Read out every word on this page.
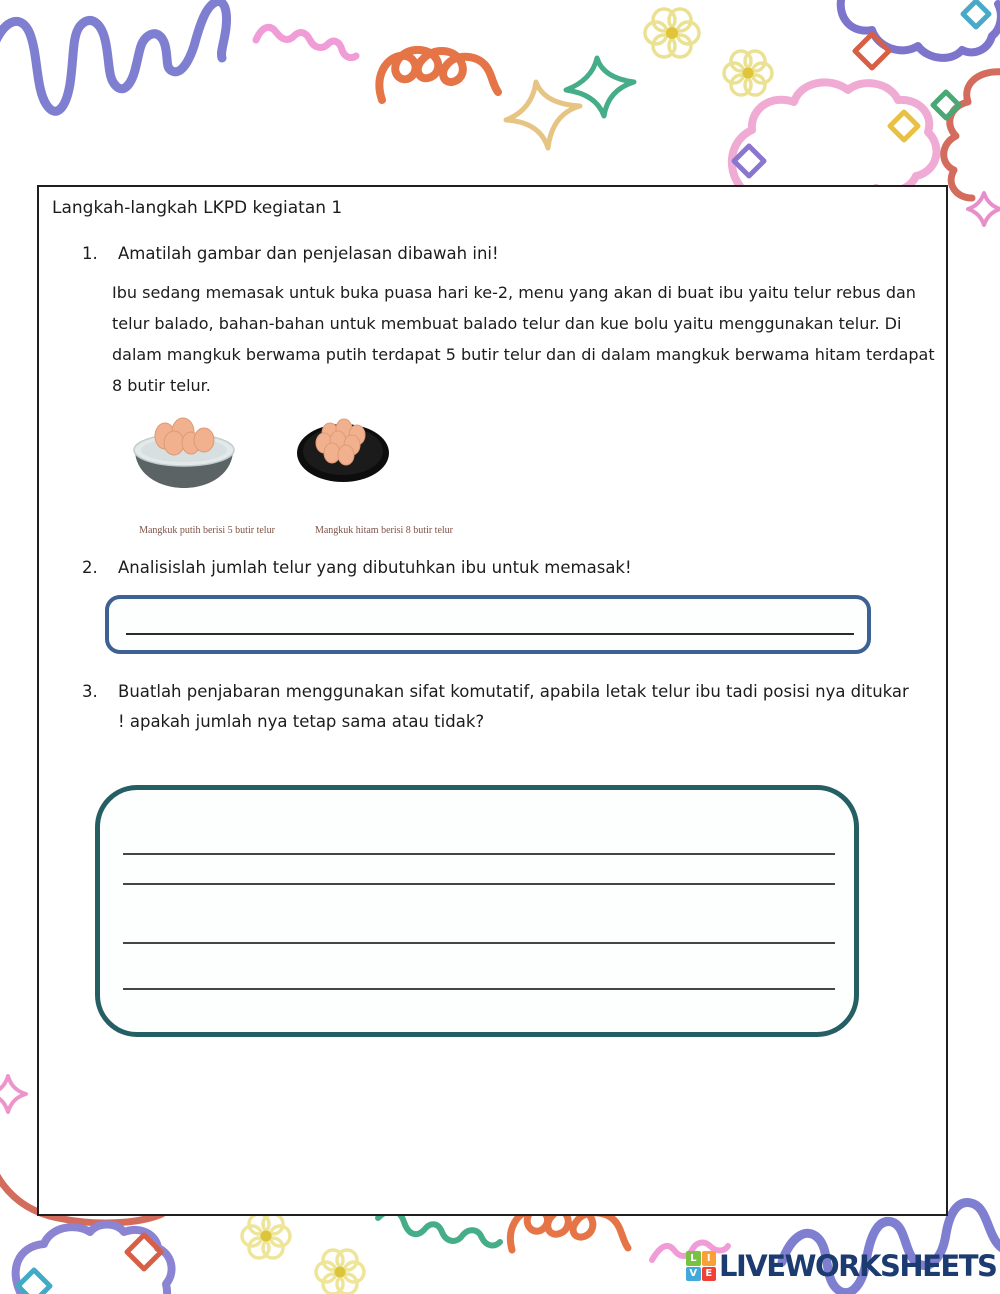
Langkah-langkah LKPD kegiatan 1
1.	Amatilah gambar dan penjelasan dibawah ini!
Ibu sedang memasak untuk buka puasa hari ke-2, menu yang akan di buat ibu yaitu telur rebus dan telur balado, bahan-bahan untuk membuat balado telur dan kue bolu yaitu menggunakan telur. Di dalam mangkuk berwama putih terdapat 5 butir telur dan di dalam mangkuk berwama hitam terdapat 8 butir telur.
Mangkuk putih berisi 5 butir telur	Mangkuk hitam berisi 8 butir telur
2.	Analisislah jumlah telur yang dibutuhkan ibu untuk memasak!
3.	Buatlah penjabaran menggunakan sifat komutatif, apabila letak telur ibu tadi posisi nya ditukar ! apakah jumlah nya tetap sama atau tidak?
L	I
V E LIVEWORKSHEETS
